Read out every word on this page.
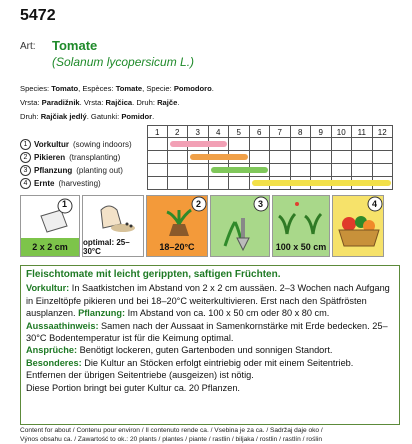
5472
Art: Tomate
(Solanum lycopersicum L.)
Species: Tomato, Espèces: Tomate, Specie: Pomodoro.
Vrsta: Paradižnik. Vrsta: Rajčica. Druh: Rajče.
Druh: Rajčiak jedlý. Gatunki: Pomidor.
1 Vorkultur (sowing indoors)
2 Pikieren (transplanting)
3 Pflanzung (planting out)
4 Ernte (harvesting)
1	2	3	4	5	6	7	8	9	10	11	12
1
2 x 2 cm	optimal: 25–30°C
2
18–20°C
3
100 x 50 cm
4
Fleischtomate mit leicht gerippten, saftigen Früchten.
Vorkultur: In Saatkistchen im Abstand von 2 x 2 cm aussäen. 2–3 Wochen nach Aufgang in Einzeltöpfe pikieren und bei 18–20°C weiterkultivieren. Erst nach den Spätfrösten ausplanzen. Pflanzung: Im Abstand von ca. 100 x 50 cm oder 80 x 80 cm. Aussaathinweis: Samen nach der Aussaat in Samenkornstärke mit Erde bedecken. 25–30°C Bodentemperatur ist für die Keimung optimal.
Ansprüche: Benötigt lockeren, guten Gartenboden und sonnigen Standort.
Besonderes: Die Kultur an Stöcken erfolgt eintriebig oder mit einem Seitentrieb. Entfernen der übrigen Seitentriebe (ausgeizen) ist nötig.
Diese Portion bringt bei guter Kultur ca. 20 Pflanzen.
Content for about / Contenu pour environ / Il contenuto rende ca. / Vsebina je za ca. / Sadržaj daje oko /
Výnos obsahu ca. / Zawartość to ok.: 20 plants / plantes / piante / rastlin / biljaka / rostlin / rastlín / roślin
